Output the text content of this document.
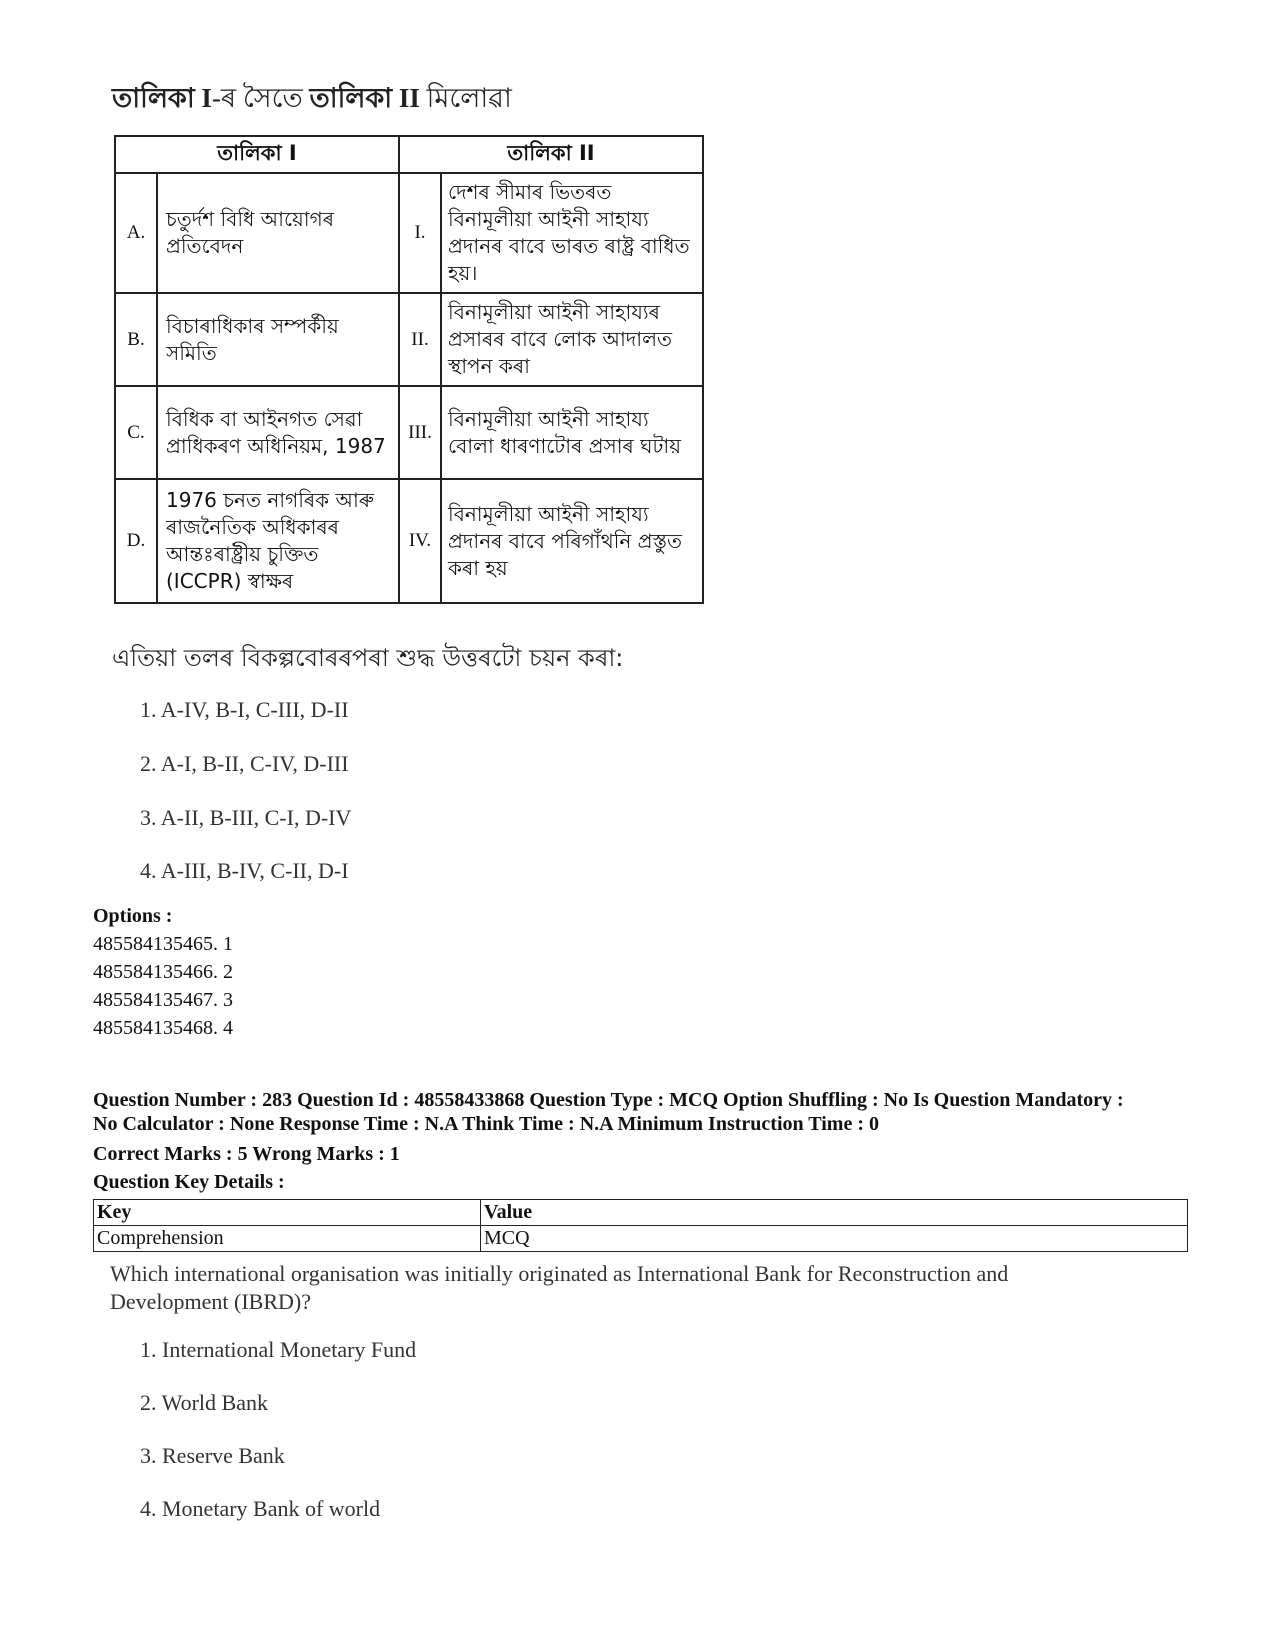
তালিকা I-ৰ সৈতে তালিকা II মিলোৱা
তালিকা I		তালিকা II	
A.	চতুৰ্দশ বিধি আয়োগৰ প্ৰতিবেদন	I.	দেশৰ সীমাৰ ভিতৰত বিনামূলীয়া আইনী সাহায্য প্ৰদানৰ বাবে ভাৰত ৰাষ্ট্ৰ বাধিত হয়।
B.	বিচাৰাধিকাৰ সম্পৰ্কীয় সমিতি	II.	বিনামূলীয়া আইনী সাহায্যৰ প্ৰসাৰৰ বাবে লোক আদালত স্থাপন কৰা
C.	বিধিক বা আইনগত সেৱা প্ৰাধিকৰণ অধিনিয়ম, 1987	III.	বিনামূলীয়া আইনী সাহায্য বোলা ধাৰণাটোৰ প্ৰসাৰ ঘটায়
D.	1976 চনত নাগৰিক আৰু ৰাজনৈতিক অধিকাৰৰ আন্তঃৰাষ্ট্ৰীয় চুক্তিত (ICCPR) স্বাক্ষৰ	IV.	বিনামূলীয়া আইনী সাহায্য প্ৰদানৰ বাবে পৰিগাঁথনি প্ৰস্তুত কৰা হয়
এতিয়া তলৰ বিকল্পবোৰৰপৰা শুদ্ধ উত্তৰটো চয়ন কৰা:
1. A-IV, B-I, C-III, D-II
2. A-I, B-II, C-IV, D-III
3. A-II, B-III, C-I, D-IV
4. A-III, B-IV, C-II, D-I
Options :
485584135465. 1
485584135466. 2
485584135467. 3
485584135468. 4
Question Number : 283 Question Id : 48558433868 Question Type : MCQ Option Shuffling : No Is Question Mandatory :
No Calculator : None Response Time : N.A Think Time : N.A Minimum Instruction Time : 0
Correct Marks : 5 Wrong Marks : 1
Question Key Details :
Key	Value
Comprehension	MCQ
Which international organisation was initially originated as International Bank for Reconstruction and Development (IBRD)?
1. International Monetary Fund
2. World Bank
3. Reserve Bank
4. Monetary Bank of world
